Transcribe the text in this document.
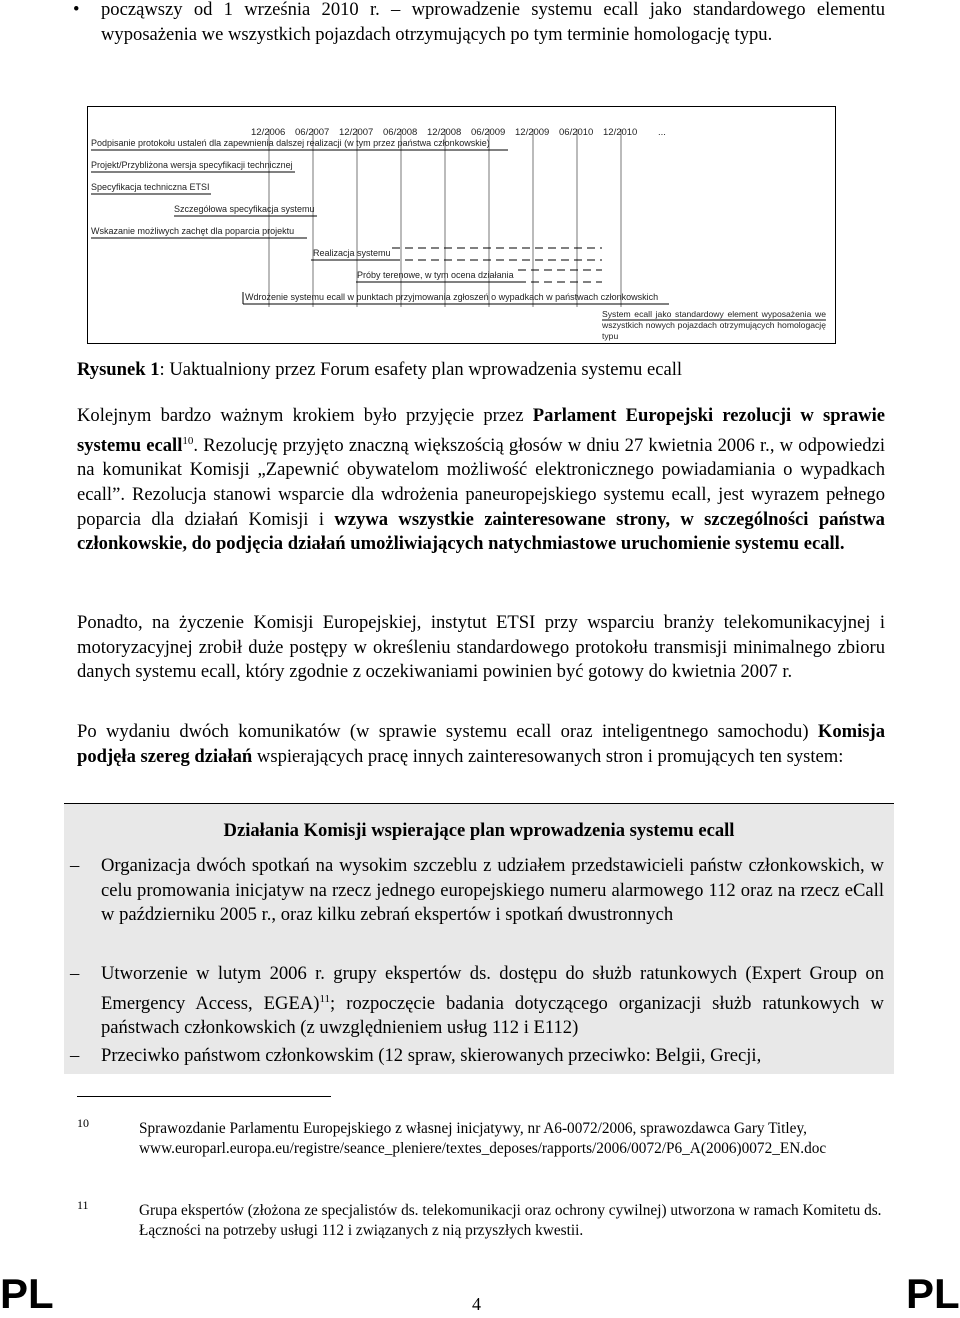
• począwszy od 1 września 2010 r. – wprowadzenie systemu ecall jako standardowego elementu wyposażenia we wszystkich pojazdach otrzymujących po tym terminie homologację typu.
12/2006 06/2007 12/2007 06/2008 12/2008 06/2009 12/2009 06/2010 12/2010 ...
Podpisanie protokołu ustaleń dla zapewnienia dalszej realizacji (w tym przez państwa członkowskie)
Projekt/Przybliżona wersja specyfikacji technicznej
Specyfikacja techniczna ETSI
Szczegółowa specyfikacja systemu
Wskazanie możliwych zachęt dla poparcia projektu
Realizacja systemu
Próby terenowe, w tym ocena działania
Wdrożenie systemu ecall w punktach przyjmowania zgłoszeń o wypadkach w państwach członkowskich
System ecall jako standardowy element wyposażenia we wszystkich nowych pojazdach otrzymujących homologację typu
Rysunek 1: Uaktualniony przez Forum esafety plan wprowadzenia systemu ecall
Kolejnym bardzo ważnym krokiem było przyjęcie przez Parlament Europejski rezolucji w sprawie systemu ecall$^{10}$. Rezolucję przyjęto znaczną większością głosów w dniu 27 kwietnia 2006 r., w odpowiedzi na komunikat Komisji „Zapewnić obywatelom możliwość elektronicznego powiadamiania o wypadkach ecall”. Rezolucja stanowi wsparcie dla wdrożenia paneuropejskiego systemu ecall, jest wyrazem pełnego poparcia dla działań Komisji i wzywa wszystkie zainteresowane strony, w szczególności państwa członkowskie, do podjęcia działań umożliwiających natychmiastowe uruchomienie systemu ecall.
Ponadto, na życzenie Komisji Europejskiej, instytut ETSI przy wsparciu branży telekomunikacyjnej i motoryzacyjnej zrobił duże postępy w określeniu standardowego protokołu transmisji minimalnego zbioru danych systemu ecall, który zgodnie z oczekiwaniami powinien być gotowy do kwietnia 2007 r.
Po wydaniu dwóch komunikatów (w sprawie systemu ecall oraz inteligentnego samochodu) Komisja podjęła szereg działań wspierających pracę innych zainteresowanych stron i promujących ten system:
Działania Komisji wspierające plan wprowadzenia systemu ecall
– Organizacja dwóch spotkań na wysokim szczeblu z udziałem przedstawicieli państw członkowskich, w celu promowania inicjatyw na rzecz jednego europejskiego numeru alarmowego 112 oraz na rzecz eCall w październiku 2005 r., oraz kilku zebrań ekspertów i spotkań dwustronnych
– Utworzenie w lutym 2006 r. grupy ekspertów ds. dostępu do służb ratunkowych (Expert Group on Emergency Access, EGEA)$^{11}$; rozpoczęcie badania dotyczącego organizacji służb ratunkowych w państwach członkowskich (z uwzględnieniem usług 112 i E112)
– Przeciwko państwom członkowskim (12 spraw, skierowanych przeciwko: Belgii, Grecji,
10	Sprawozdanie Parlamentu Europejskiego z własnej inicjatywy, nr A6-0072/2006, sprawozdawca Gary Titley,
www.europarl.europa.eu/registre/seance_pleniere/textes_deposes/rapports/2006/0072/P6_A(2006)0072_EN.doc
11	Grupa ekspertów (złożona ze specjalistów ds. telekomunikacji oraz ochrony cywilnej) utworzona w ramach Komitetu ds. Łączności na potrzeby usługi 112 i związanych z nią przyszłych kwestii.
PL	PL
4
